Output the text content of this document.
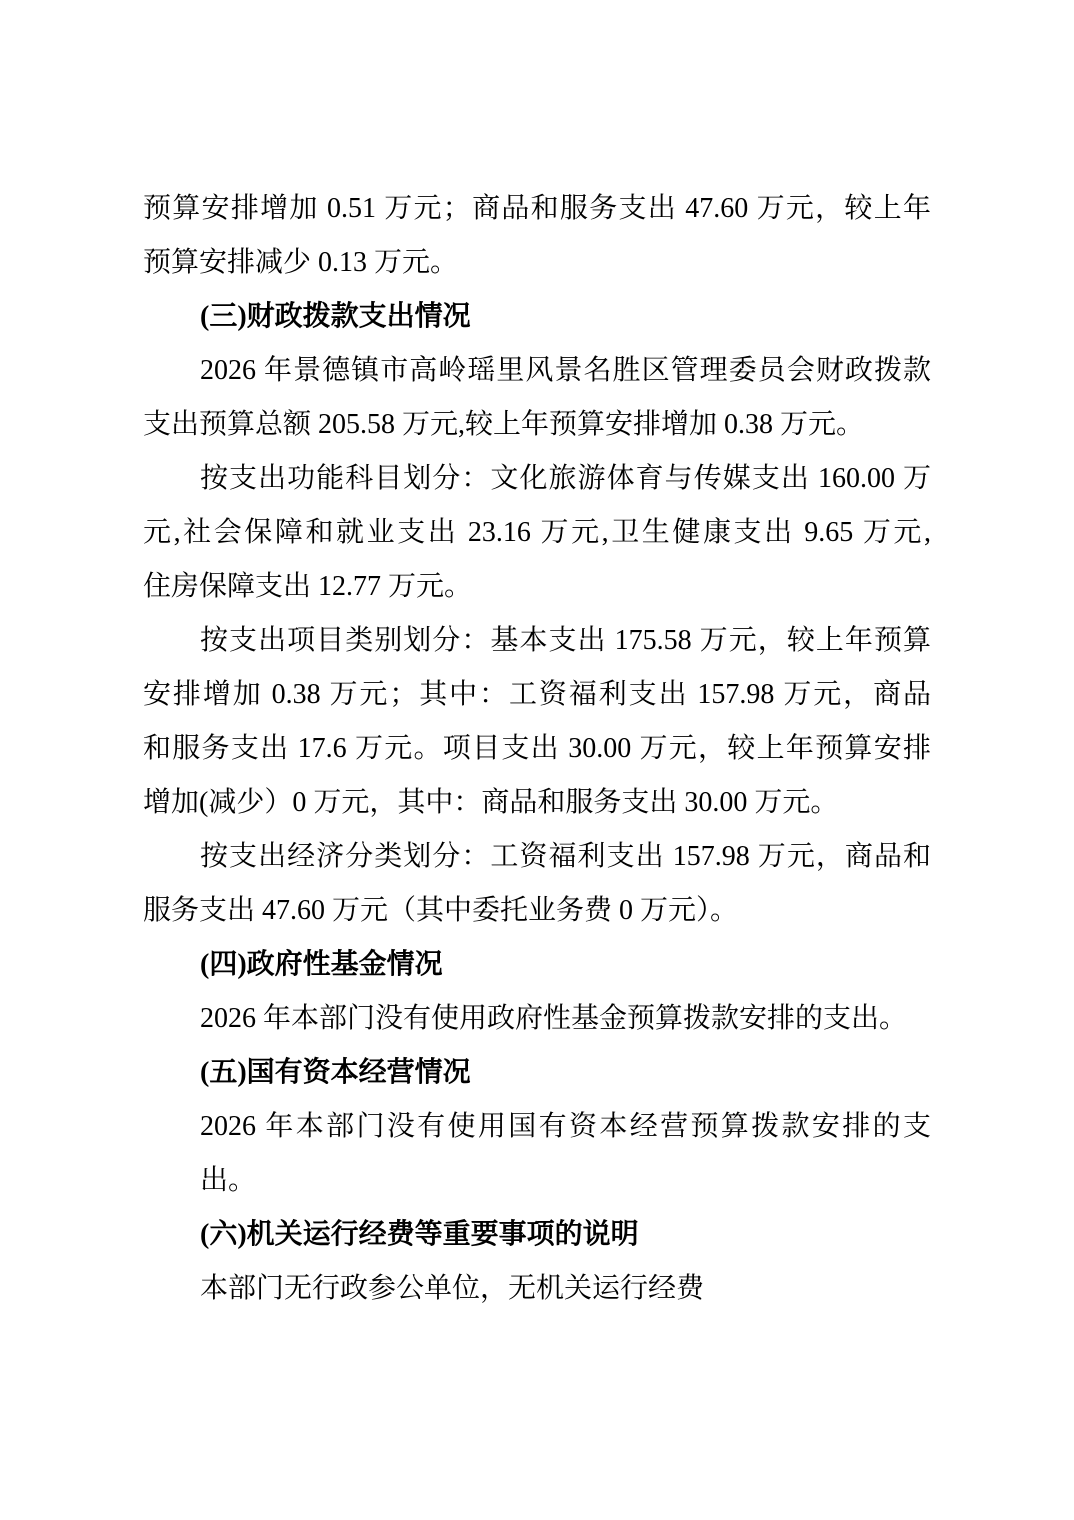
预算安排增加 0.51 万元；商品和服务支出 47.60 万元，较上年
预算安排减少 0.13 万元。
(三)财政拨款支出情况
2026 年景德镇市高岭瑶里风景名胜区管理委员会财政拨款
支出预算总额 205.58 万元,较上年预算安排增加 0.38 万元。
按支出功能科目划分：文化旅游体育与传媒支出 160.00 万
元,社会保障和就业支出 23.16 万元,卫生健康支出 9.65 万元,
住房保障支出 12.77 万元。
按支出项目类别划分：基本支出 175.58 万元，较上年预算
安排增加 0.38 万元；其中：工资福利支出 157.98 万元，商品
和服务支出 17.6 万元。项目支出 30.00 万元，较上年预算安排
增加(减少）0 万元，其中：商品和服务支出 30.00 万元。
按支出经济分类划分：工资福利支出 157.98 万元，商品和
服务支出 47.60 万元（其中委托业务费 0 万元）。
(四)政府性基金情况
2026 年本部门没有使用政府性基金预算拨款安排的支出。
(五)国有资本经营情况
2026 年本部门没有使用国有资本经营预算拨款安排的支出。
(六)机关运行经费等重要事项的说明
本部门无行政参公单位，无机关运行经费
